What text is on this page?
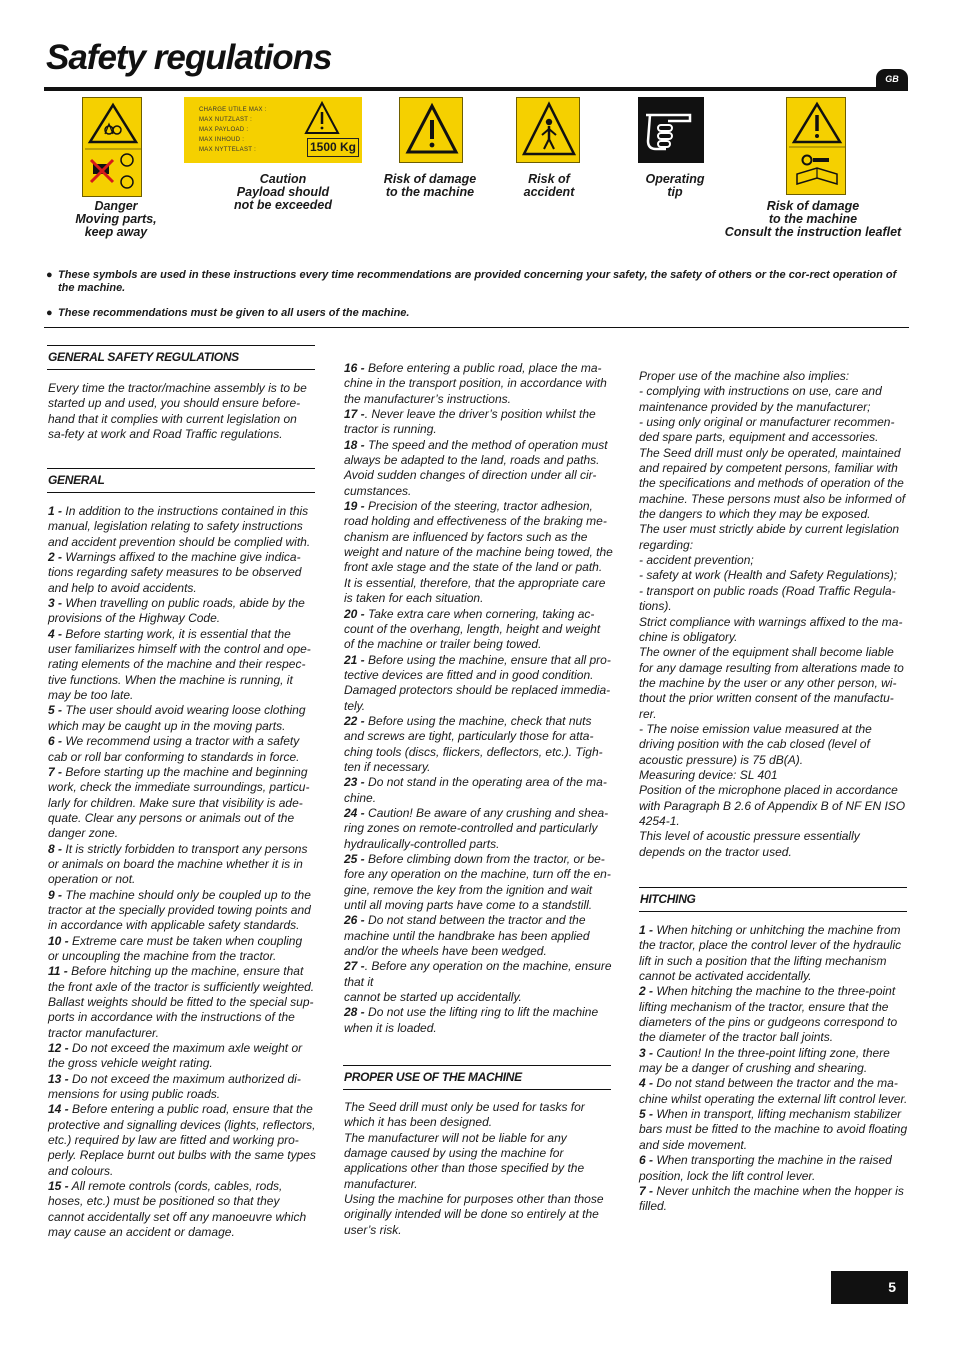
Safety regulations
GB
Danger
Moving parts,
keep away
CHARGE UTILE MAX :
MAX NUTZLAST :
MAX PAYLOAD :
MAX INHOUD :
MAX NYTTELAST :	1500 Kg
Caution
Payload should
not be exceeded
Risk of damage
to the machine
Risk of
accident
Operating
tip
Risk of damage
to the machine
Consult the instruction leaflet
● These symbols are used in these instructions every time recommendations are provided concerning your safety, the safety of others or the cor-rect operation of the machine.
● These recommendations must be given to all users of the machine.
GENERAL SAFETY REGULATIONS

Every time the tractor/machine assembly is to be started up and used, you should ensure before-hand that it complies with current legislation on sa-fety at work and Road Traffic regulations.

GENERAL

1 - In addition to the instructions contained in this manual, legislation relating to safety instructions and accident prevention should be complied with.

2 - Warnings affixed to the machine give indica-tions regarding safety measures to be observed and help to avoid accidents.

3 - When travelling on public roads, abide by the provisions of the Highway Code.

4 - Before starting work, it is essential that the user familiarizes himself with the control and ope-rating elements of the machine and their respec-tive functions. When the machine is running, it may be too late.

5 - The user should avoid wearing loose clothing which may be caught up in the moving parts.

6 - We recommend using a tractor with a safety cab or roll bar conforming to standards in force.

7 - Before starting up the machine and beginning work, check the immediate surroundings, particu-larly for children. Make sure that visibility is ade-quate. Clear any persons or animals out of the danger zone.

8 - It is strictly forbidden to transport any persons or animals on board the machine whether it is in operation or not.

9 - The machine should only be coupled up to the tractor at the specially provided towing points and in accordance with applicable safety standards.

10 - Extreme care must be taken when coupling or uncoupling the machine from the tractor.

11 - Before hitching up the machine, ensure that the front axle of the tractor is sufficiently weighted. Ballast weights should be fitted to the special sup-ports in accordance with the instructions of the tractor manufacturer.

12 - Do not exceed the maximum axle weight or the gross vehicle weight rating.

13 - Do not exceed the maximum authorized di-mensions for using public roads.

14 - Before entering a public road, ensure that the protective and signalling devices (lights, reflectors, etc.) required by law are fitted and working pro-perly. Replace burnt out bulbs with the same types and colours.

15 - All remote controls (cords, cables, rods, hoses, etc.) must be positioned so that they cannot accidentally set off any manoeuvre which may cause an accident or damage.

16 - Before entering a public road, place the ma-chine in the transport position, in accordance with the manufacturer’s instructions.

17 -. Never leave the driver’s position whilst the tractor is running.

18 - The speed and the method of operation must always be adapted to the land, roads and paths. Avoid sudden changes of direction under all cir-cumstances.

19 - Precision of the steering, tractor adhesion, road holding and effectiveness of the braking me-chanism are influenced by factors such as the weight and nature of the machine being towed, the front axle stage and the state of the land or path.

It is essential, therefore, that the appropriate care is taken for each situation.

20 - Take extra care when cornering, taking ac-count of the overhang, length, height and weight of the machine or trailer being towed.

21 - Before using the machine, ensure that all pro-tective devices are fitted and in good condition. Damaged protectors should be replaced immedia-tely.

22 - Before using the machine, check that nuts and screws are tight, particularly those for atta-ching tools (discs, flickers, deflectors, etc.). Tigh-ten if necessary.

23 - Do not stand in the operating area of the ma-chine.

24 - Caution! Be aware of any crushing and shea-ring zones on remote-controlled and particularly hydraulically-controlled parts.

25 - Before climbing down from the tractor, or be-fore any operation on the machine, turn off the en-gine, remove the key from the ignition and wait until all moving parts have come to a standstill.

26 - Do not stand between the tractor and the machine until the handbrake has been applied and/or the wheels have been wedged.

27 -. Before any operation on the machine, ensure that it

cannot be started up accidentally.

28 - Do not use the lifting ring to lift the machine when it is loaded.

PROPER USE OF THE MACHINE

The Seed drill must only be used for tasks for which it has been designed.

The manufacturer will not be liable for any damage caused by using the machine for applications other than those specified by the manufacturer.

Using the machine for purposes other than those originally intended will be done so entirely at the user’s risk.

Proper use of the machine also implies:

- complying with instructions on use, care and maintenance provided by the manufacturer;

- using only original or manufacturer recommen-ded spare parts, equipment and accessories.

The Seed drill must only be operated, maintained and repaired by competent persons, familiar with the specifications and methods of operation of the machine. These persons must also be informed of the dangers to which they may be exposed.

The user must strictly abide by current legislation regarding:

- accident prevention;

- safety at work (Health and Safety Regulations);

- transport on public roads (Road Traffic Regula-tions).

Strict compliance with warnings affixed to the ma-chine is obligatory.

The owner of the equipment shall become liable for any damage resulting from alterations made to the machine by the user or any other person, wi-thout the prior written consent of the manufactu-rer.

- The noise emission value measured at the driving position with the cab closed (level of acoustic pressure) is 75 dB(A).

Measuring device: SL 401

Position of the microphone placed in accordance with Paragraph B 2.6 of Appendix B of NF EN ISO 4254-1.

This level of acoustic pressure essentially depends on the tractor used.

HITCHING

1 - When hitching or unhitching the machine from the tractor, place the control lever of the hydraulic lift in such a position that the lifting mechanism cannot be activated accidentally.

2 - When hitching the machine to the three-point lifting mechanism of the tractor, ensure that the diameters of the pins or gudgeons correspond to the diameter of the tractor ball joints.

3 - Caution! In the three-point lifting zone, there may be a danger of crushing and shearing.

4 - Do not stand between the tractor and the ma-chine whilst operating the external lift control lever.

5 - When in transport, lifting mechanism stabilizer bars must be fitted to the machine to avoid floating and side movement.

6 - When transporting the machine in the raised position, lock the lift control lever.

7 - Never unhitch the machine when the hopper is filled.

5
